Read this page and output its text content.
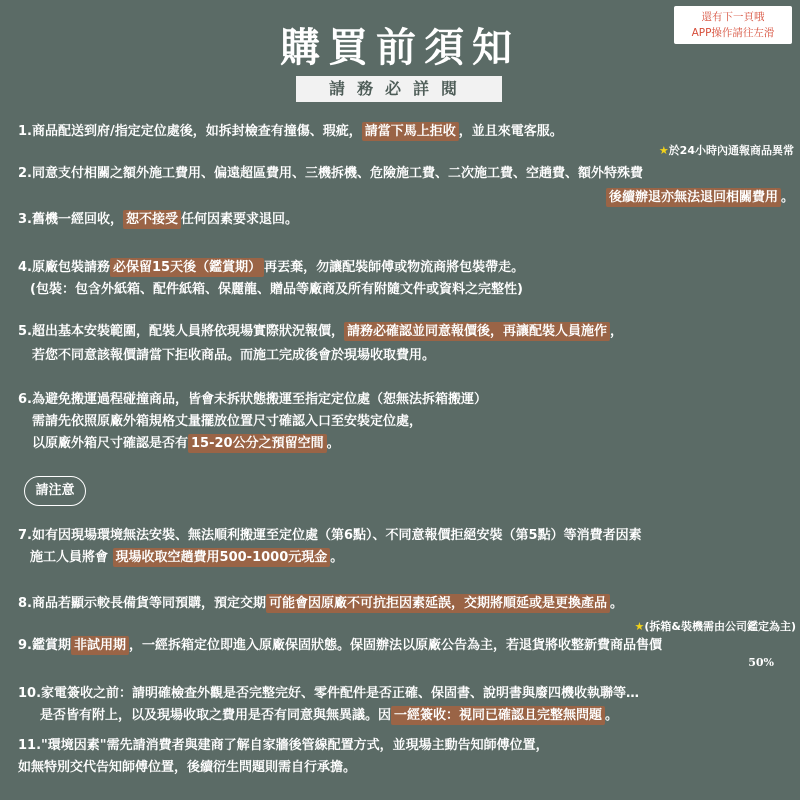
還有下一頁哦
APP操作請往左滑
購買前須知
請務必詳閱
1.商品配送到府/指定定位處後，如拆封檢查有撞傷、瑕疵， 請當下馬上拒收 ，並且來電客服。
★於24小時內通報商品異常
2.同意支付相關之額外施工費用、偏遠超區費用、三機拆機、危險施工費、二次施工費、空趟費、額外特殊費
後續辦退亦無法退回相關費用 。
3.舊機一經回收， 恕不接受 任何因素要求退回。
4.原廠包裝請務 必保留15天後（鑑賞期） 再丟棄，勿讓配裝師傅或物流商將包裝帶走。
(包裝：包含外紙箱、配件紙箱、保麗龍、贈品等廠商及所有附隨文件或資料之完整性)
5.超出基本安裝範圍，配裝人員將依現場實際狀況報價， 請務必確認並同意報價後，再讓配裝人員施作 ，
若您不同意該報價請當下拒收商品。而施工完成後會於現場收取費用。
6.為避免搬運過程碰撞商品，皆會未拆狀態搬運至指定定位處（恕無法拆箱搬運）
需請先依照原廠外箱規格丈量擺放位置尺寸確認入口至安裝定位處，
以原廠外箱尺寸確認是否有 15-20公分之預留空間 。
請注意
7.如有因現場環境無法安裝、無法順利搬運至定位處（第6點）、不同意報價拒絕安裝（第5點）等消費者因素
施工人員將會 現場收取空趟費用500-1000元現金 。
8.商品若顯示較長備貨等同預購，預定交期 可能會因原廠不可抗拒因素延誤，交期將順延或是更換產品 。
★(拆箱&裝機需由公司鑑定為主)
9.鑑賞期 非試用期 ，一經拆箱定位即進入原廠保固狀態。保固辦法以原廠公告為主，若退貨將收整新費商品售價
50%
10.家電簽收之前：請明確檢查外觀是否完整完好、零件配件是否正確、保固書、說明書與廢四機收執聯等…
是否皆有附上，以及現場收取之費用是否有同意與無異議。因 一經簽收：視同已確認且完整無問題 。
11."環境因素"需先請消費者與建商了解自家牆後管線配置方式，並現場主動告知師傅位置，
如無特別交代告知師傅位置，後續衍生問題則需自行承擔。
